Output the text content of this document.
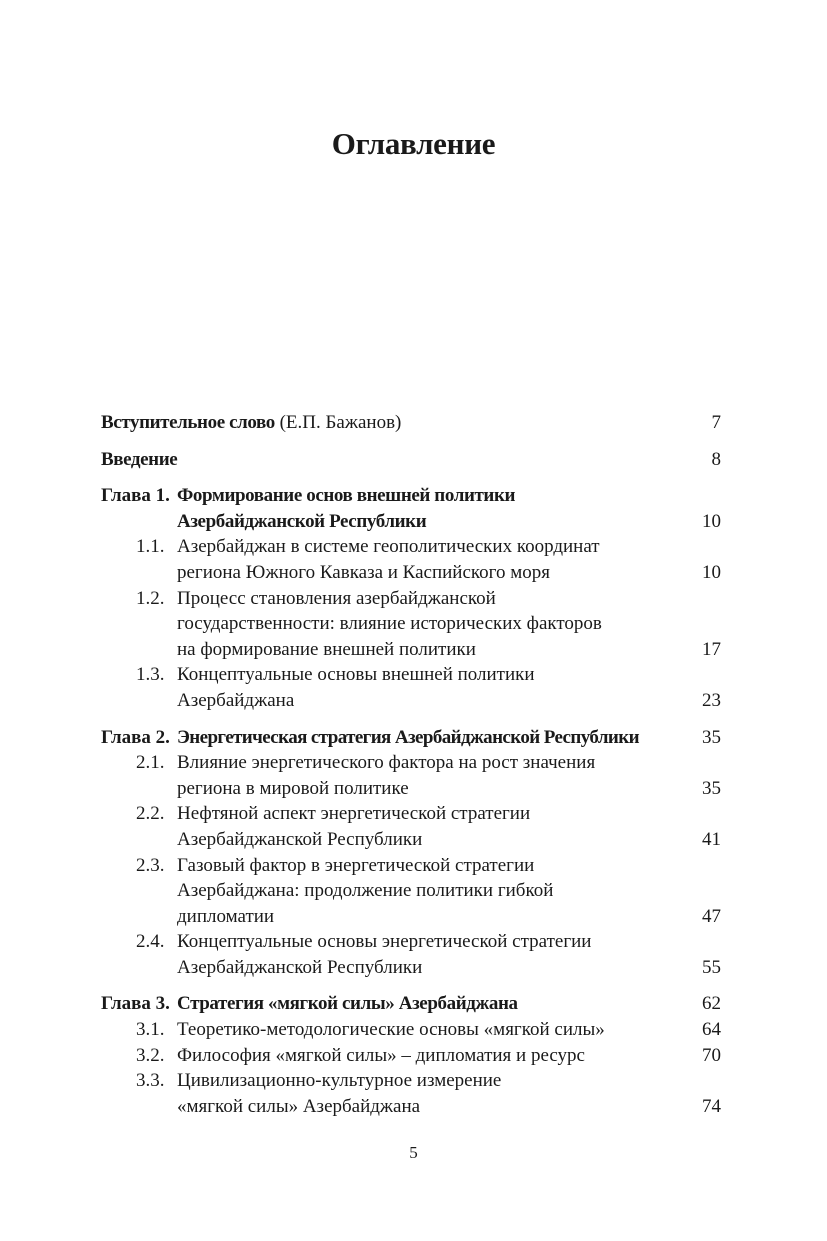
Оглавление
Вступительное слово (Е.П. Бажанов)	7
Введение	8
Глава 1. Формирование основ внешней политики
Азербайджанской Республики	10
1.1. Азербайджан в системе геополитических координат
региона Южного Кавказа и Каспийского моря	10
1.2. Процесс становления азербайджанской
государственности: влияние исторических факторов
на формирование внешней политики	17
1.3. Концептуальные основы внешней политики
Азербайджана	23
Глава 2. Энергетическая стратегия Азербайджанской Республики	35
2.1. Влияние энергетического фактора на рост значения
региона в мировой политике	35
2.2. Нефтяной аспект энергетической стратегии
Азербайджанской Республики	41
2.3. Газовый фактор в энергетической стратегии
Азербайджана: продолжение политики гибкой
дипломатии	47
2.4. Концептуальные основы энергетической стратегии
Азербайджанской Республики	55
Глава 3. Стратегия «мягкой силы» Азербайджана	62
3.1. Теоретико-методологические основы «мягкой силы»	64
3.2. Философия «мягкой силы» – дипломатия и ресурс	70
3.3. Цивилизационно-культурное измерение
«мягкой силы» Азербайджана	74
5
